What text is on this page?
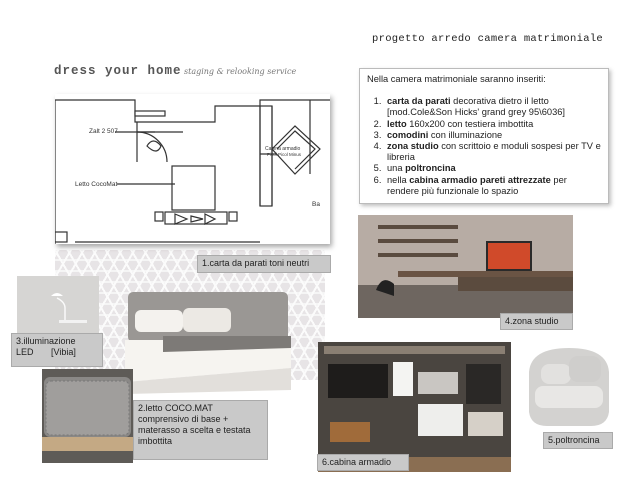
progetto arredo camera matrimoniale
dress your home staging & relooking service
Nella camera matrimoniale saranno inseriti:
1. carta da parati decorativa dietro il letto [mod.Cole&Son Hicks' grand grey 95\6036]
2. letto 160x200 con testiera imbottita
3. comodini con illuminazione
4. zona studio con scrittoio e moduli sospesi per TV e libreria
5. una poltroncina
6. nella cabina armadio pareti attrezzate per rendere più funzionale lo spazio
Zalt 2 507
Letto CocoMat
Cabina armadio
Picol Picol Minus
Ba
1.carta da parati toni neutri
3.illuminazione
LED       [Vibia]
2.letto COCO.MAT comprensivo di base + materasso a scelta e testata imbottita
4.zona studio
6.cabina armadio
5.poltroncina
